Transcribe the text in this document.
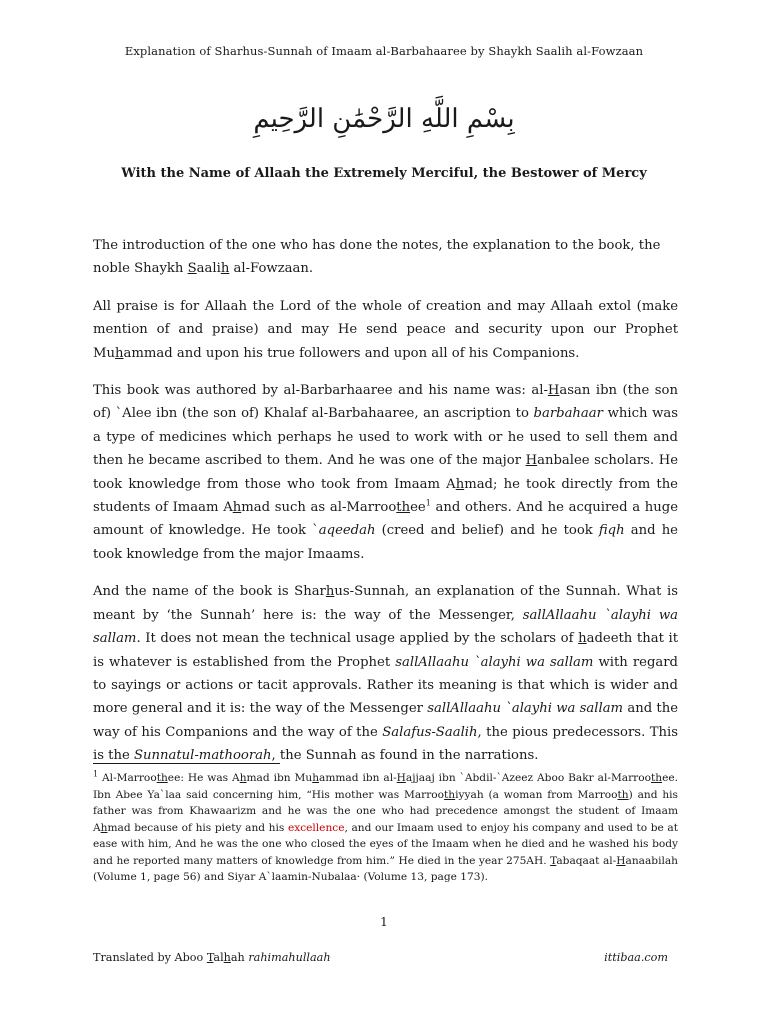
Explanation of Sharhus-Sunnah of Imaam al-Barbahaaree by Shaykh Saalih al-Fowzaan
بِسْمِ اللَّهِ الرَّحْمَٰنِ الرَّحِيمِ
With the Name of Allaah the Extremely Merciful, the Bestower of Mercy

The introduction of the one who has done the notes, the explanation to the book, the noble Shaykh Saalih al-Fowzaan.

All praise is for Allaah the Lord of the whole of creation and may Allaah extol (make mention of and praise) and may He send peace and security upon our Prophet Muhammad and upon his true followers and upon all of his Companions.

This book was authored by al-Barbarhaaree and his name was: al-Hasan ibn (the son of) `Alee ibn (the son of) Khalaf al-Barbahaaree, an ascription to barbahaar which was a type of medicines which perhaps he used to work with or he used to sell them and then he became ascribed to them. And he was one of the major Hanbalee scholars. He took knowledge from those who took from Imaam Ahmad; he took directly from the students of Imaam Ahmad such as al-Marroothee$^1$ and others. And he acquired a huge amount of knowledge. He took `aqeedah (creed and belief) and he took fiqh and he took knowledge from the major Imaams.

And the name of the book is Sharhus-Sunnah, an explanation of the Sunnah. What is meant by ‘the Sunnah’ here is: the way of the Messenger, sallAllaahu `alayhi wa sallam. It does not mean the technical usage applied by the scholars of hadeeth that it is whatever is established from the Prophet sallAllaahu `alayhi wa sallam with regard to sayings or actions or tacit approvals. Rather its meaning is that which is wider and more general and it is: the way of the Messenger sallAllaahu `alayhi wa sallam and the way of his Companions and the way of the Salafus-Saalih, the pious predecessors. This is the Sunnatul-mathoorah, the Sunnah as found in the narrations.

$^1$ Al-Marroothee: He was Ahmad ibn Muhammad ibn al-Hajjaaj ibn `Abdil-`Azeez Aboo Bakr al-Marroothee. Ibn Abee Ya`laa said concerning him, “His mother was Marroothiyyah (a woman from Marrooth) and his father was from Khawaarizm and he was the one who had precedence amongst the student of Imaam Ahmad because of his piety and his excellence, and our Imaam used to enjoy his company and used to be at ease with him, And he was the one who closed the eyes of the Imaam when he died and he washed his body and he reported many matters of knowledge from him.” He died in the year 275AH. Tabaqaat al-Hanaabilah (Volume 1, page 56) and Siyar A`laamin-Nubalaa· (Volume 13, page 173).
1
Translated by Aboo Talhah rahimahullaah	ittibaa.com
